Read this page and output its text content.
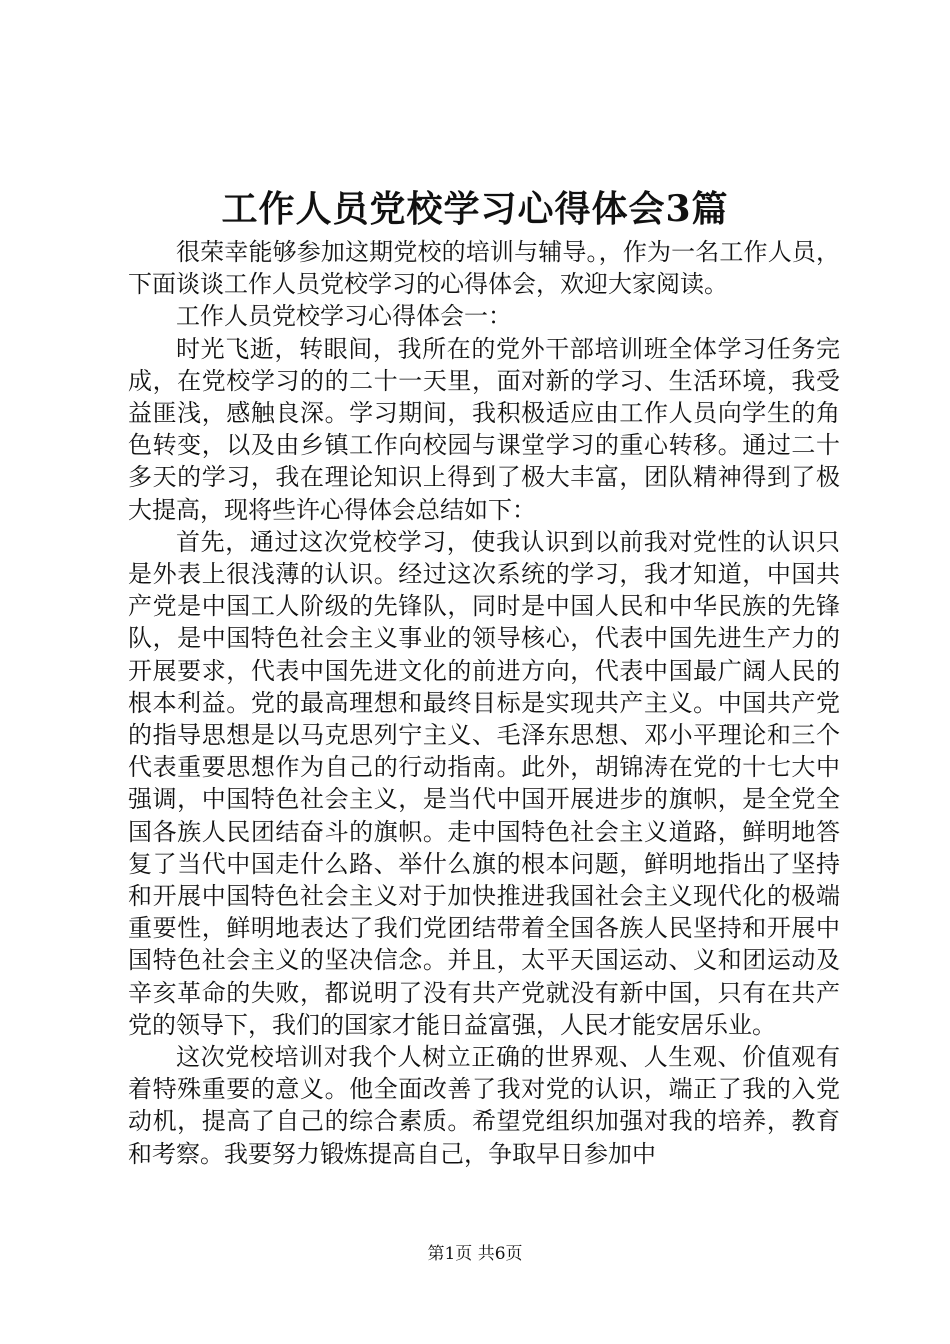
工作人员党校学习心得体会3篇

很荣幸能够参加这期党校的培训与辅导。，作为一名工作人员，下面谈谈工作人员党校学习的心得体会，欢迎大家阅读。

工作人员党校学习心得体会一：

时光飞逝，转眼间，我所在的党外干部培训班全体学习任务完成，在党校学习的的二十一天里，面对新的学习、生活环境，我受益匪浅，感触良深。学习期间，我积极适应由工作人员向学生的角色转变，以及由乡镇工作向校园与课堂学习的重心转移。通过二十多天的学习，我在理论知识上得到了极大丰富，团队精神得到了极大提高，现将些许心得体会总结如下：

首先，通过这次党校学习，使我认识到以前我对党性的认识只是外表上很浅薄的认识。经过这次系统的学习，我才知道，中国共产党是中国工人阶级的先锋队，同时是中国人民和中华民族的先锋队，是中国特色社会主义事业的领导核心，代表中国先进生产力的开展要求，代表中国先进文化的前进方向，代表中国最广阔人民的根本利益。党的最高理想和最终目标是实现共产主义。中国共产党的指导思想是以马克思列宁主义、毛泽东思想、邓小平理论和三个代表重要思想作为自己的行动指南。此外，胡锦涛在党的十七大中强调，中国特色社会主义，是当代中国开展进步的旗帜，是全党全国各族人民团结奋斗的旗帜。走中国特色社会主义道路，鲜明地答复了当代中国走什么路、举什么旗的根本问题，鲜明地指出了坚持和开展中国特色社会主义对于加快推进我国社会主义现代化的极端重要性，鲜明地表达了我们党团结带着全国各族人民坚持和开展中国特色社会主义的坚决信念。并且，太平天国运动、义和团运动及辛亥革命的失败，都说明了没有共产党就没有新中国，只有在共产党的领导下，我们的国家才能日益富强，人民才能安居乐业。

这次党校培训对我个人树立正确的世界观、人生观、价值观有着特殊重要的意义。他全面改善了我对党的认识，端正了我的入党动机，提高了自己的综合素质。希望党组织加强对我的培养，教育和考察。我要努力锻炼提高自己，争取早日参加中

第1页 共6页
